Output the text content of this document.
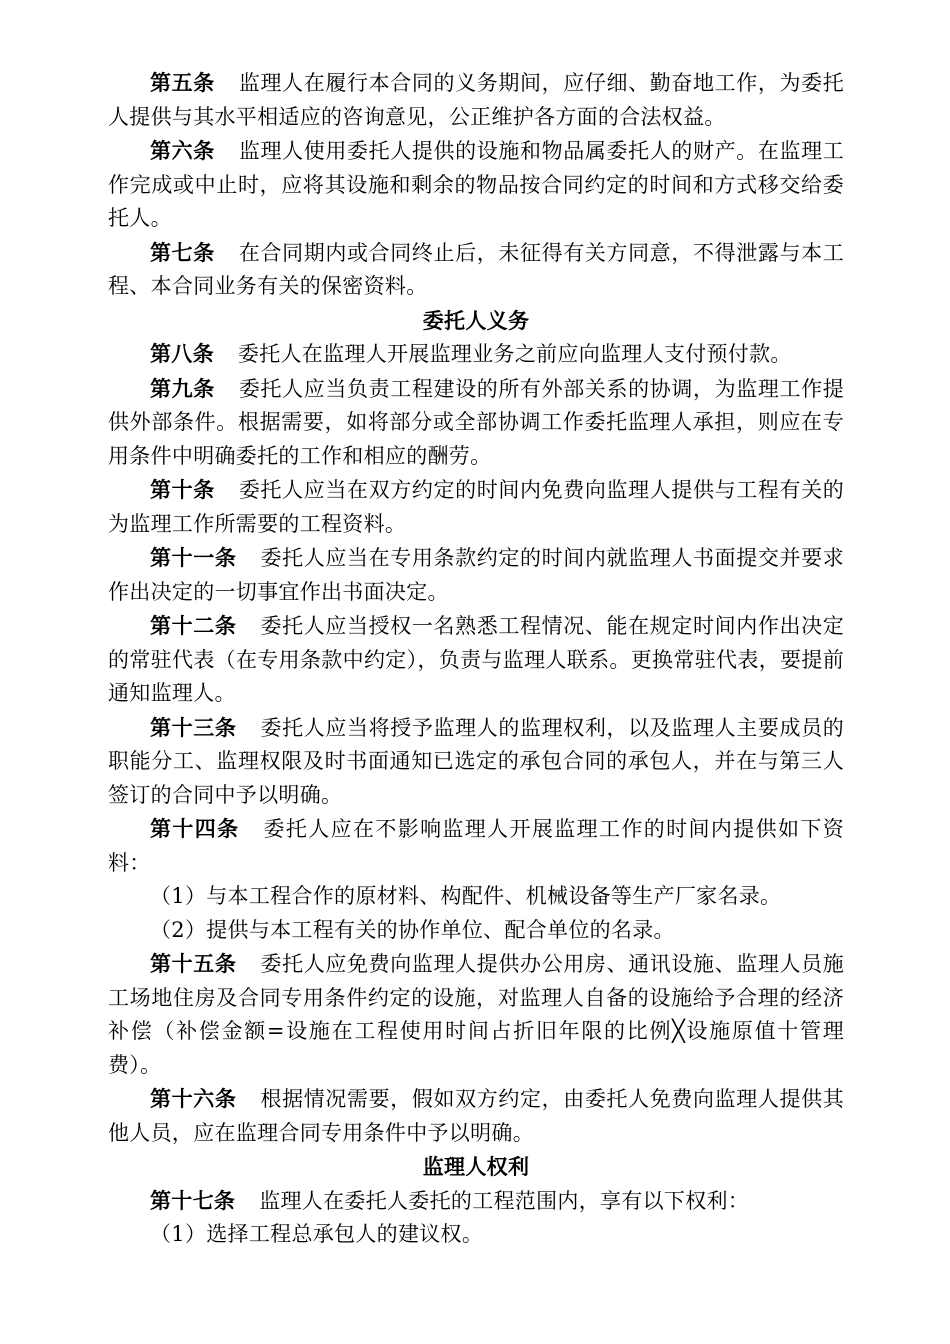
第五条 监理人在履行本合同的义务期间，应仔细、勤奋地工作，为委托人提供与其水平相适应的咨询意见，公正维护各方面的合法权益。

第六条 监理人使用委托人提供的设施和物品属委托人的财产。在监理工作完成或中止时，应将其设施和剩余的物品按合同约定的时间和方式移交给委托人。

第七条 在合同期内或合同终止后，未征得有关方同意，不得泄露与本工程、本合同业务有关的保密资料。

委托人义务

第八条 委托人在监理人开展监理业务之前应向监理人支付预付款。

第九条 委托人应当负责工程建设的所有外部关系的协调，为监理工作提供外部条件。根据需要，如将部分或全部协调工作委托监理人承担，则应在专用条件中明确委托的工作和相应的酬劳。

第十条 委托人应当在双方约定的时间内免费向监理人提供与工程有关的为监理工作所需要的工程资料。

第十一条 委托人应当在专用条款约定的时间内就监理人书面提交并要求作出决定的一切事宜作出书面决定。

第十二条 委托人应当授权一名熟悉工程情况、能在规定时间内作出决定的常驻代表（在专用条款中约定），负责与监理人联系。更换常驻代表，要提前通知监理人。

第十三条 委托人应当将授予监理人的监理权利，以及监理人主要成员的职能分工、监理权限及时书面通知已选定的承包合同的承包人，并在与第三人签订的合同中予以明确。

第十四条 委托人应在不影响监理人开展监理工作的时间内提供如下资料：

（1）与本工程合作的原材料、构配件、机械设备等生产厂家名录。

（2）提供与本工程有关的协作单位、配合单位的名录。

第十五条 委托人应免费向监理人提供办公用房、通讯设施、监理人员施工场地住房及合同专用条件约定的设施，对监理人自备的设施给予合理的经济补偿（补偿金额=设施在工程使用时间占折旧年限的比例╳设施原值十管理费）。

第十六条 根据情况需要，假如双方约定，由委托人免费向监理人提供其他人员，应在监理合同专用条件中予以明确。

监理人权利

第十七条 监理人在委托人委托的工程范围内，享有以下权利：

（1）选择工程总承包人的建议权。
